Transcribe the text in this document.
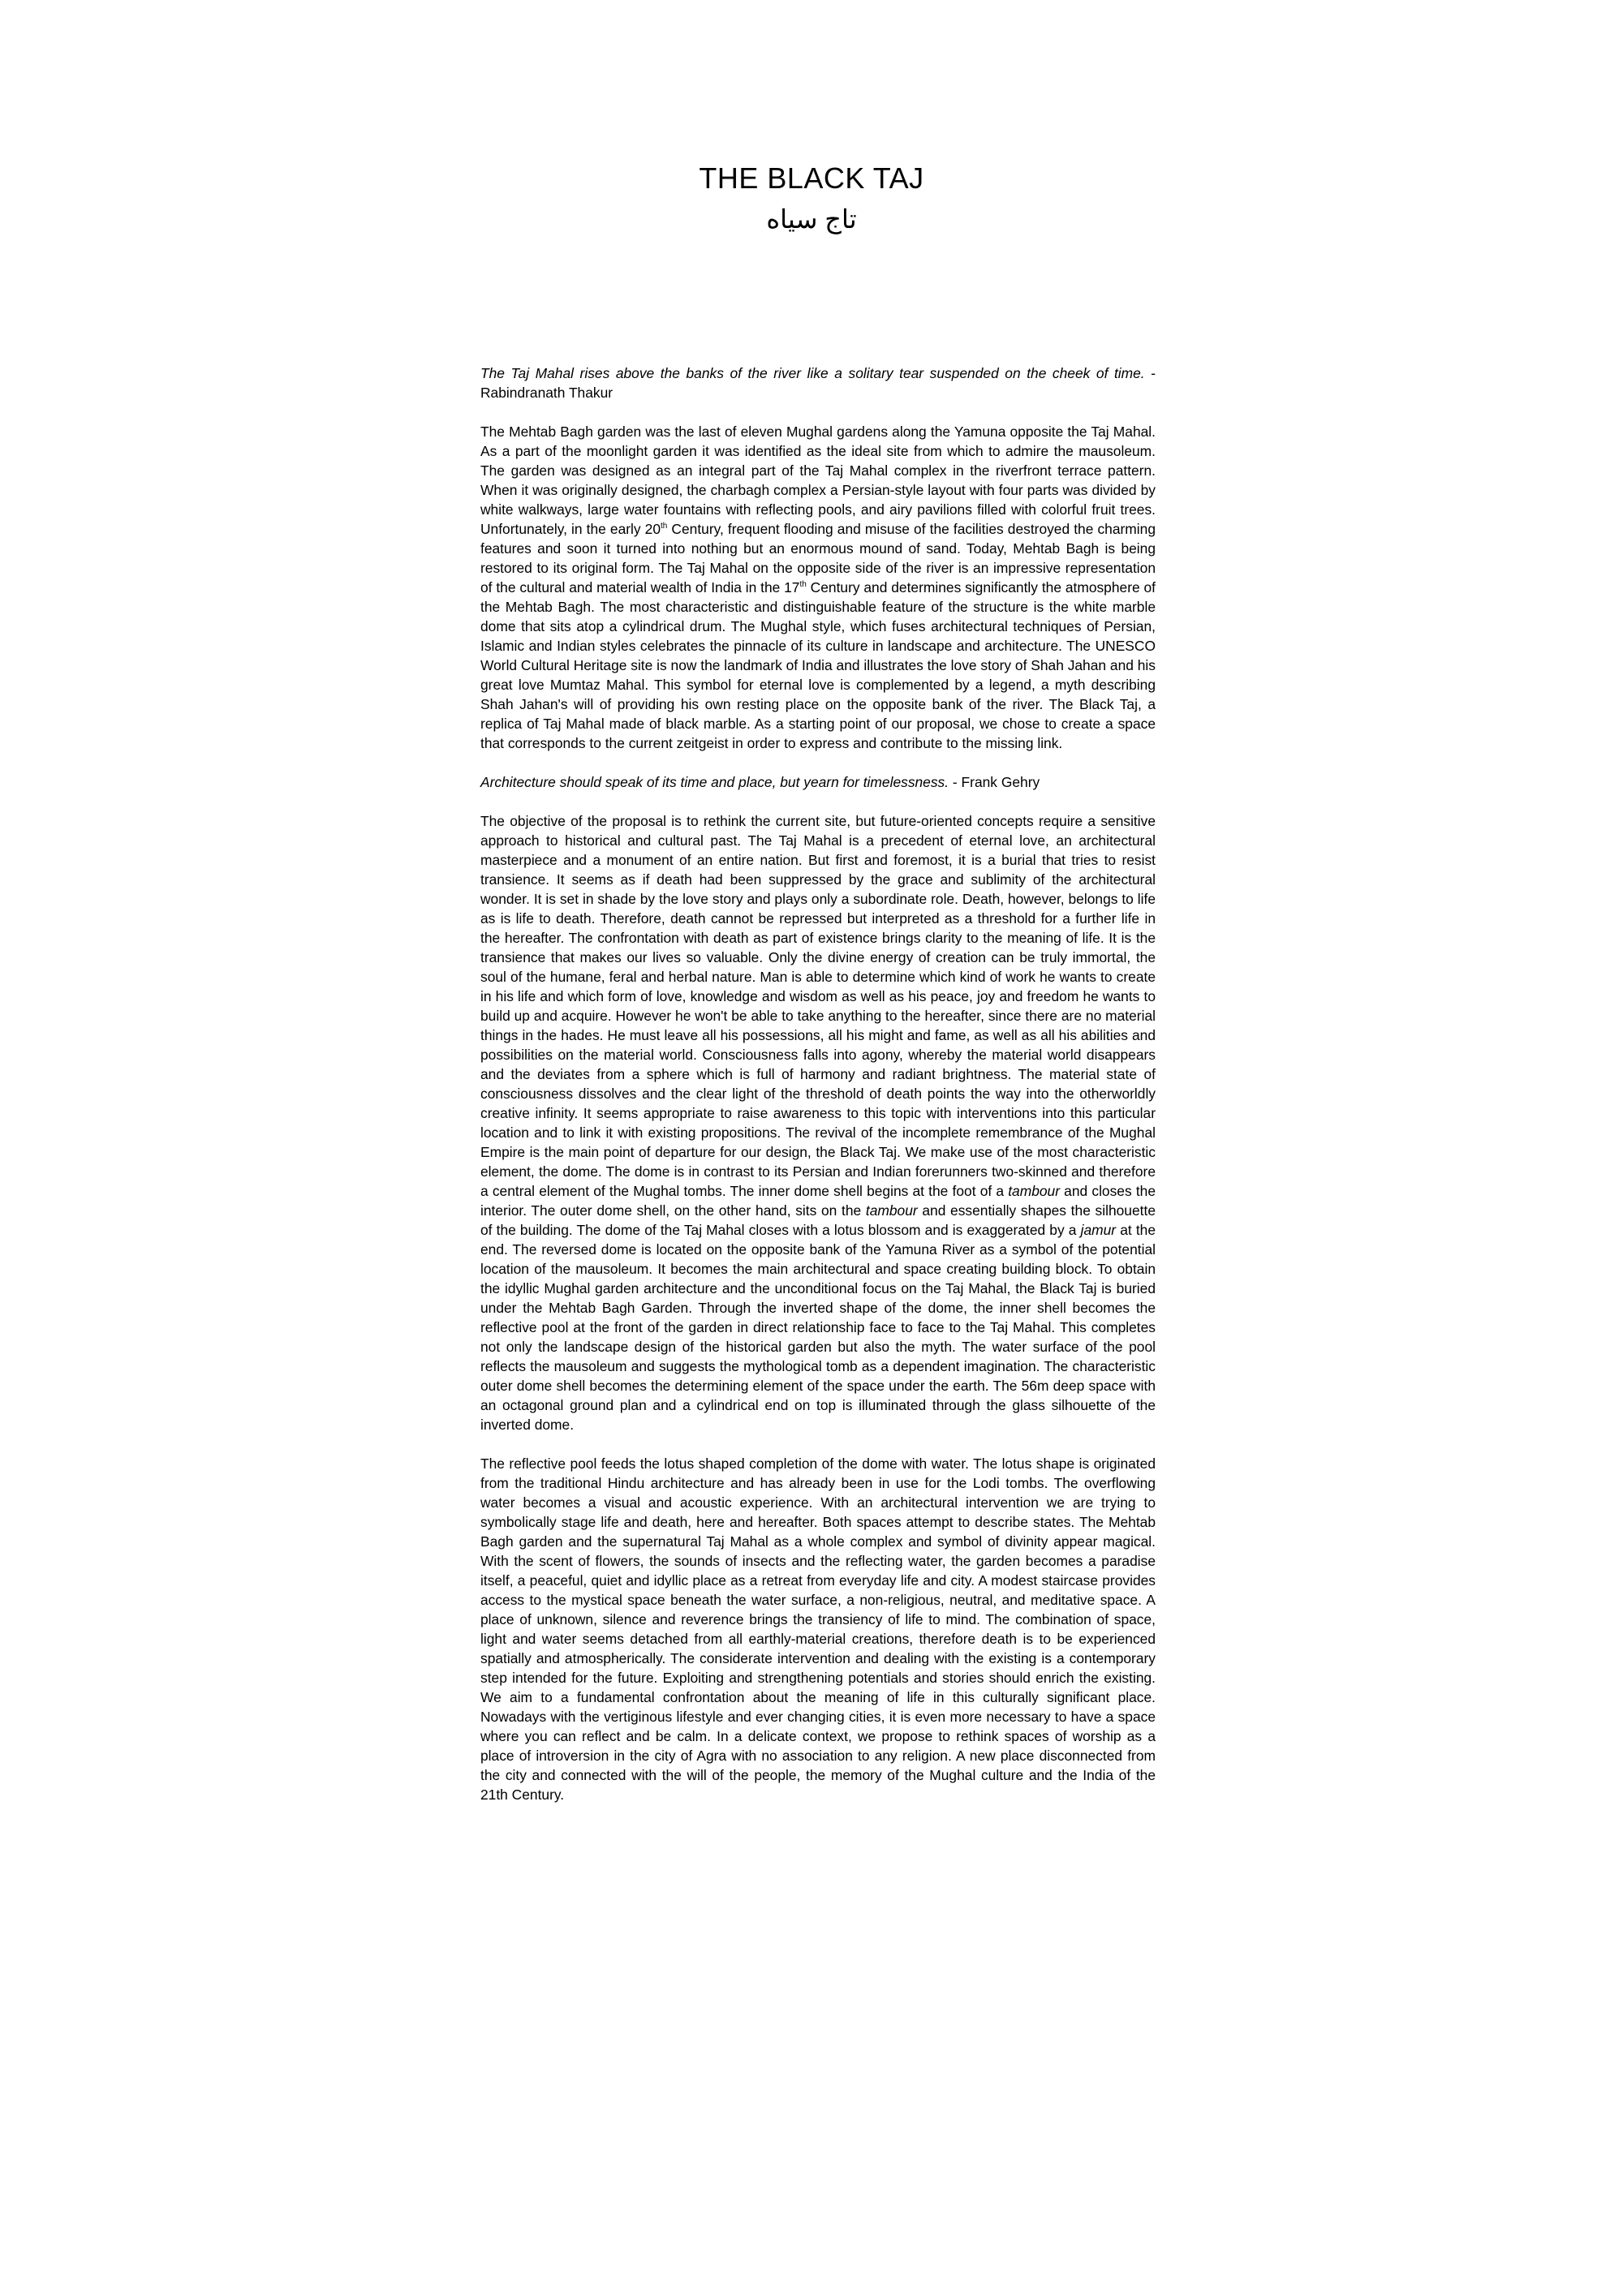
THE BLACK TAJ
تاج سیاه

The Taj Mahal rises above the banks of the river like a solitary tear suspended on the cheek of time. - Rabindranath Thakur

The Mehtab Bagh garden was the last of eleven Mughal gardens along the Yamuna opposite the Taj Mahal. As a part of the moonlight garden it was identified as the ideal site from which to admire the mausoleum. The garden was designed as an integral part of the Taj Mahal complex in the riverfront terrace pattern. When it was originally designed, the charbagh complex a Persian-style layout with four parts was divided by white walkways, large water fountains with reflecting pools, and airy pavilions filled with colorful fruit trees. Unfortunately, in the early 20th Century, frequent flooding and misuse of the facilities destroyed the charming features and soon it turned into nothing but an enormous mound of sand. Today, Mehtab Bagh is being restored to its original form. The Taj Mahal on the opposite side of the river is an impressive representation of the cultural and material wealth of India in the 17th Century and determines significantly the atmosphere of the Mehtab Bagh. The most characteristic and distinguishable feature of the structure is the white marble dome that sits atop a cylindrical drum. The Mughal style, which fuses architectural techniques of Persian, Islamic and Indian styles celebrates the pinnacle of its culture in landscape and architecture. The UNESCO World Cultural Heritage site is now the landmark of India and illustrates the love story of Shah Jahan and his great love Mumtaz Mahal. This symbol for eternal love is complemented by a legend, a myth describing Shah Jahan's will of providing his own resting place on the opposite bank of the river. The Black Taj, a replica of Taj Mahal made of black marble. As a starting point of our proposal, we chose to create a space that corresponds to the current zeitgeist in order to express and contribute to the missing link.

Architecture should speak of its time and place, but yearn for timelessness. - Frank Gehry

The objective of the proposal is to rethink the current site, but future-oriented concepts require a sensitive approach to historical and cultural past. The Taj Mahal is a precedent of eternal love, an architectural masterpiece and a monument of an entire nation. But first and foremost, it is a burial that tries to resist transience. It seems as if death had been suppressed by the grace and sublimity of the architectural wonder. It is set in shade by the love story and plays only a subordinate role. Death, however, belongs to life as is life to death. Therefore, death cannot be repressed but interpreted as a threshold for a further life in the hereafter. The confrontation with death as part of existence brings clarity to the meaning of life. It is the transience that makes our lives so valuable. Only the divine energy of creation can be truly immortal, the soul of the humane, feral and herbal nature. Man is able to determine which kind of work he wants to create in his life and which form of love, knowledge and wisdom as well as his peace, joy and freedom he wants to build up and acquire. However he won't be able to take anything to the hereafter, since there are no material things in the hades. He must leave all his possessions, all his might and fame, as well as all his abilities and possibilities on the material world. Consciousness falls into agony, whereby the material world disappears and the deviates from a sphere which is full of harmony and radiant brightness. The material state of consciousness dissolves and the clear light of the threshold of death points the way into the otherworldly creative infinity. It seems appropriate to raise awareness to this topic with interventions into this particular location and to link it with existing propositions. The revival of the incomplete remembrance of the Mughal Empire is the main point of departure for our design, the Black Taj. We make use of the most characteristic element, the dome. The dome is in contrast to its Persian and Indian forerunners two-skinned and therefore a central element of the Mughal tombs. The inner dome shell begins at the foot of a tambour and closes the interior. The outer dome shell, on the other hand, sits on the tambour and essentially shapes the silhouette of the building. The dome of the Taj Mahal closes with a lotus blossom and is exaggerated by a jamur at the end. The reversed dome is located on the opposite bank of the Yamuna River as a symbol of the potential location of the mausoleum. It becomes the main architectural and space creating building block. To obtain the idyllic Mughal garden architecture and the unconditional focus on the Taj Mahal, the Black Taj is buried under the Mehtab Bagh Garden. Through the inverted shape of the dome, the inner shell becomes the reflective pool at the front of the garden in direct relationship face to face to the Taj Mahal. This completes not only the landscape design of the historical garden but also the myth. The water surface of the pool reflects the mausoleum and suggests the mythological tomb as a dependent imagination. The characteristic outer dome shell becomes the determining element of the space under the earth. The 56m deep space with an octagonal ground plan and a cylindrical end on top is illuminated through the glass silhouette of the inverted dome.

The reflective pool feeds the lotus shaped completion of the dome with water. The lotus shape is originated from the traditional Hindu architecture and has already been in use for the Lodi tombs. The overflowing water becomes a visual and acoustic experience. With an architectural intervention we are trying to symbolically stage life and death, here and hereafter. Both spaces attempt to describe states. The Mehtab Bagh garden and the supernatural Taj Mahal as a whole complex and symbol of divinity appear magical. With the scent of flowers, the sounds of insects and the reflecting water, the garden becomes a paradise itself, a peaceful, quiet and idyllic place as a retreat from everyday life and city. A modest staircase provides access to the mystical space beneath the water surface, a non-religious, neutral, and meditative space. A place of unknown, silence and reverence brings the transiency of life to mind. The combination of space, light and water seems detached from all earthly-material creations, therefore death is to be experienced spatially and atmospherically. The considerate intervention and dealing with the existing is a contemporary step intended for the future. Exploiting and strengthening potentials and stories should enrich the existing. We aim to a fundamental confrontation about the meaning of life in this culturally significant place. Nowadays with the vertiginous lifestyle and ever changing cities, it is even more necessary to have a space where you can reflect and be calm. In a delicate context, we propose to rethink spaces of worship as a place of introversion in the city of Agra with no association to any religion. A new place disconnected from the city and connected with the will of the people, the memory of the Mughal culture and the India of the 21th Century.
